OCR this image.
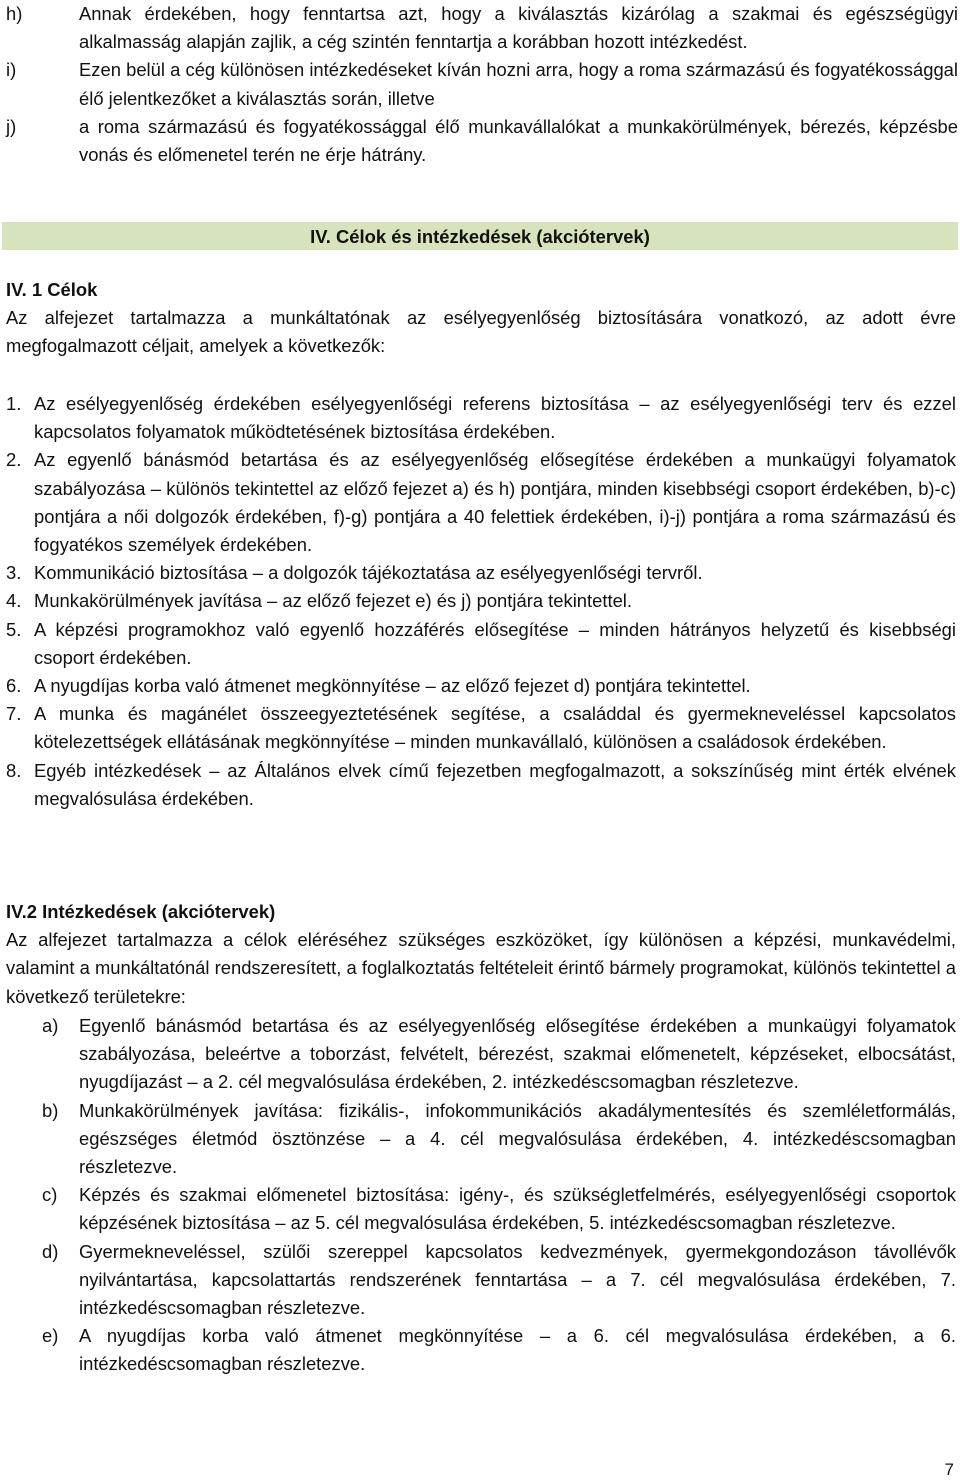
h)	Annak érdekében, hogy fenntartsa azt, hogy a kiválasztás kizárólag a szakmai és egészségügyi alkalmasság alapján zajlik, a cég szintén fenntartja a korábban hozott intézkedést.
i)	Ezen belül a cég különösen intézkedéseket kíván hozni arra, hogy a roma származású és fogyatékossággal élő jelentkezőket a kiválasztás során, illetve
j)	a roma származású és fogyatékossággal élő munkavállalókat a munkakörülmények, bérezés, képzésbe vonás és előmenetel terén ne érje hátrány.
IV. Célok és intézkedések (akciótervek)
IV. 1 Célok
Az alfejezet tartalmazza a munkáltatónak az esélyegyenlőség biztosítására vonatkozó, az adott évre megfogalmazott céljait, amelyek a következők:
1. Az esélyegyenlőség érdekében esélyegyenlőségi referens biztosítása – az esélyegyenlőségi terv és ezzel kapcsolatos folyamatok működtetésének biztosítása érdekében.
2. Az egyenlő bánásmód betartása és az esélyegyenlőség elősegítése érdekében a munkaügyi folyamatok szabályozása – különös tekintettel az előző fejezet a) és h) pontjára, minden kisebbségi csoport érdekében, b)-c) pontjára a női dolgozók érdekében, f)-g) pontjára a 40 felettiek érdekében, i)-j) pontjára a roma származású és fogyatékos személyek érdekében.
3. Kommunikáció biztosítása – a dolgozók tájékoztatása az esélyegyenlőségi tervről.
4. Munkakörülmények javítása – az előző fejezet e) és j) pontjára tekintettel.
5. A képzési programokhoz való egyenlő hozzáférés elősegítése – minden hátrányos helyzetű és kisebbségi csoport érdekében.
6. A nyugdíjas korba való átmenet megkönnyítése – az előző fejezet d) pontjára tekintettel.
7. A munka és magánélet összeegyeztetésének segítése, a családdal és gyermekneveléssel kapcsolatos kötelezettségek ellátásának megkönnyítése – minden munkavállaló, különösen a családosok érdekében.
8. Egyéb intézkedések – az Általános elvek című fejezetben megfogalmazott, a sokszínűség mint érték elvének megvalósulása érdekében.
IV.2 Intézkedések (akciótervek)
Az alfejezet tartalmazza a célok eléréséhez szükséges eszközöket, így különösen a képzési, munkavédelmi, valamint a munkáltatónál rendszeresített, a foglalkoztatás feltételeit érintő bármely programokat, különös tekintettel a következő területekre:
a) Egyenlő bánásmód betartása és az esélyegyenlőség elősegítése érdekében a munkaügyi folyamatok szabályozása, beleértve a toborzást, felvételt, bérezést, szakmai előmenetelt, képzéseket, elbocsátást, nyugdíjazást – a 2. cél megvalósulása érdekében, 2. intézkedéscsomagban részletezve.
b) Munkakörülmények javítása: fizikális-, infokommunikációs akadálymentesítés és szemléletformálás, egészséges életmód ösztönzése – a 4. cél megvalósulása érdekében, 4. intézkedéscsomagban részletezve.
c) Képzés és szakmai előmenetel biztosítása: igény-, és szükségletfelmérés, esélyegyenlőségi csoportok képzésének biztosítása – az 5. cél megvalósulása érdekében, 5. intézkedéscsomagban részletezve.
d) Gyermekneveléssel, szülői szereppel kapcsolatos kedvezmények, gyermekgondozáson távollévők nyilvántartása, kapcsolattartás rendszerének fenntartása – a 7. cél megvalósulása érdekében, 7. intézkedéscsomagban részletezve.
e) A nyugdíjas korba való átmenet megkönnyítése – a 6. cél megvalósulása érdekében, a 6. intézkedéscsomagban részletezve.
7
